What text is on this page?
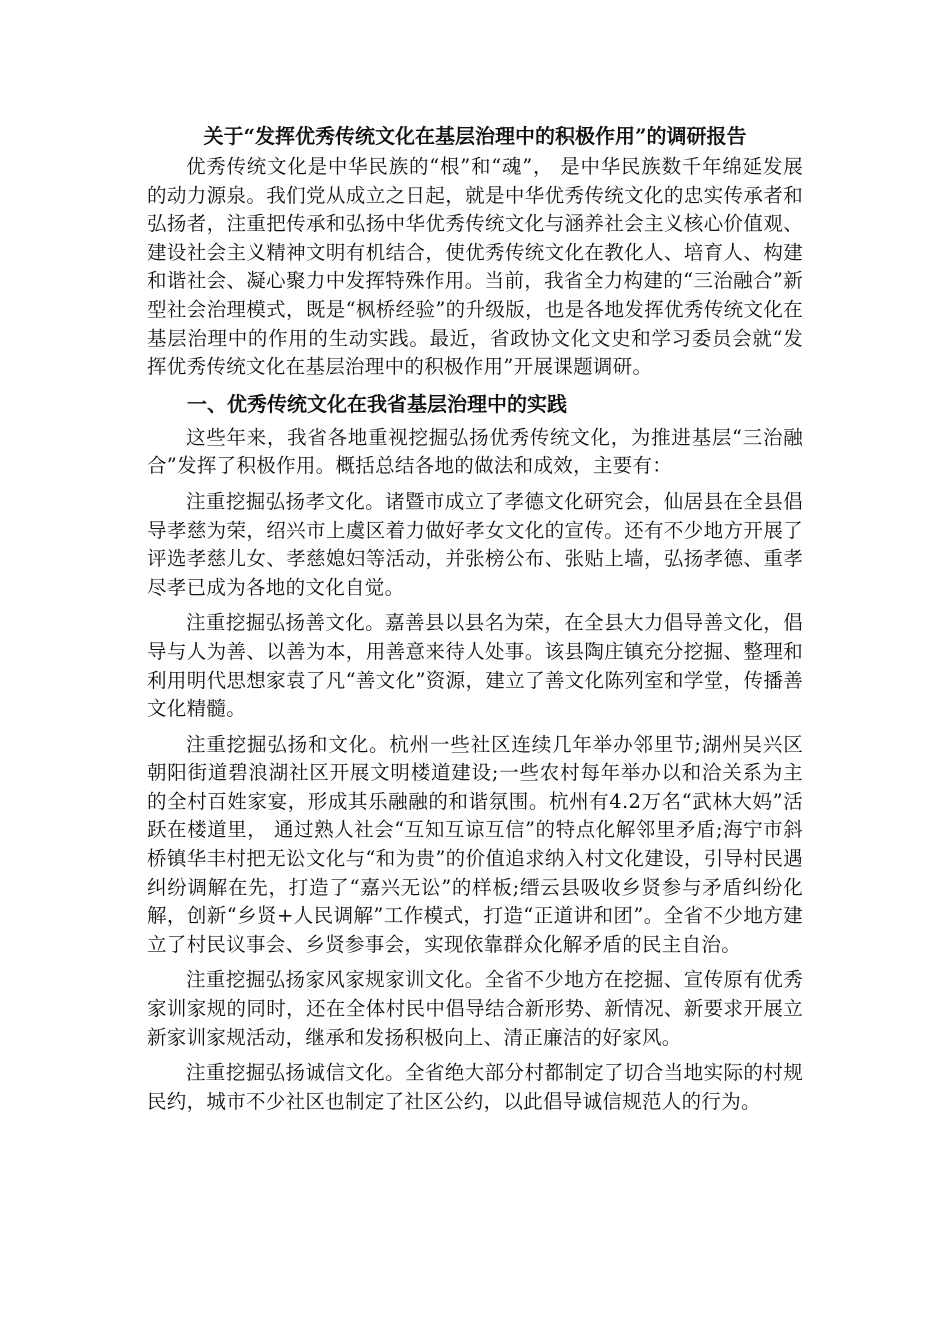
关于“发挥优秀传统文化在基层治理中的积极作用”的调研报告

优秀传统文化是中华民族的“根”和“魂”， 是中华民族数千年绵延发展的动力源泉。我们党从成立之日起，就是中华优秀传统文化的忠实传承者和弘扬者，注重把传承和弘扬中华优秀传统文化与涵养社会主义核心价值观、建设社会主义精神文明有机结合，使优秀传统文化在教化人、培育人、构建和谐社会、凝心聚力中发挥特殊作用。当前，我省全力构建的“三治融合”新型社会治理模式，既是“枫桥经验”的升级版，也是各地发挥优秀传统文化在基层治理中的作用的生动实践。最近，省政协文化文史和学习委员会就“发挥优秀传统文化在基层治理中的积极作用”开展课题调研。

一、优秀传统文化在我省基层治理中的实践

这些年来，我省各地重视挖掘弘扬优秀传统文化，为推进基层“三治融合”发挥了积极作用。概括总结各地的做法和成效，主要有：

注重挖掘弘扬孝文化。诸暨市成立了孝德文化研究会，仙居县在全县倡导孝慈为荣，绍兴市上虞区着力做好孝女文化的宣传。还有不少地方开展了评选孝慈儿女、孝慈媳妇等活动，并张榜公布、张贴上墙，弘扬孝德、重孝尽孝已成为各地的文化自觉。

注重挖掘弘扬善文化。嘉善县以县名为荣，在全县大力倡导善文化，倡导与人为善、以善为本，用善意来待人处事。该县陶庄镇充分挖掘、整理和利用明代思想家袁了凡“善文化”资源，建立了善文化陈列室和学堂，传播善文化精髓。

注重挖掘弘扬和文化。杭州一些社区连续几年举办邻里节;湖州吴兴区朝阳街道碧浪湖社区开展文明楼道建设;一些农村每年举办以和洽关系为主的全村百姓家宴，形成其乐融融的和谐氛围。杭州有4.2万名“武林大妈”活跃在楼道里， 通过熟人社会“互知互谅互信”的特点化解邻里矛盾;海宁市斜桥镇华丰村把无讼文化与“和为贵”的价值追求纳入村文化建设，引导村民遇纠纷调解在先，打造了“嘉兴无讼”的样板;缙云县吸收乡贤参与矛盾纠纷化解，创新“乡贤+人民调解”工作模式，打造“正道讲和团”。全省不少地方建立了村民议事会、乡贤参事会，实现依靠群众化解矛盾的民主自治。

注重挖掘弘扬家风家规家训文化。全省不少地方在挖掘、宣传原有优秀家训家规的同时，还在全体村民中倡导结合新形势、新情况、新要求开展立新家训家规活动，继承和发扬积极向上、清正廉洁的好家风。

注重挖掘弘扬诚信文化。全省绝大部分村都制定了切合当地实际的村规民约，城市不少社区也制定了社区公约，以此倡导诚信规范人的行为。
